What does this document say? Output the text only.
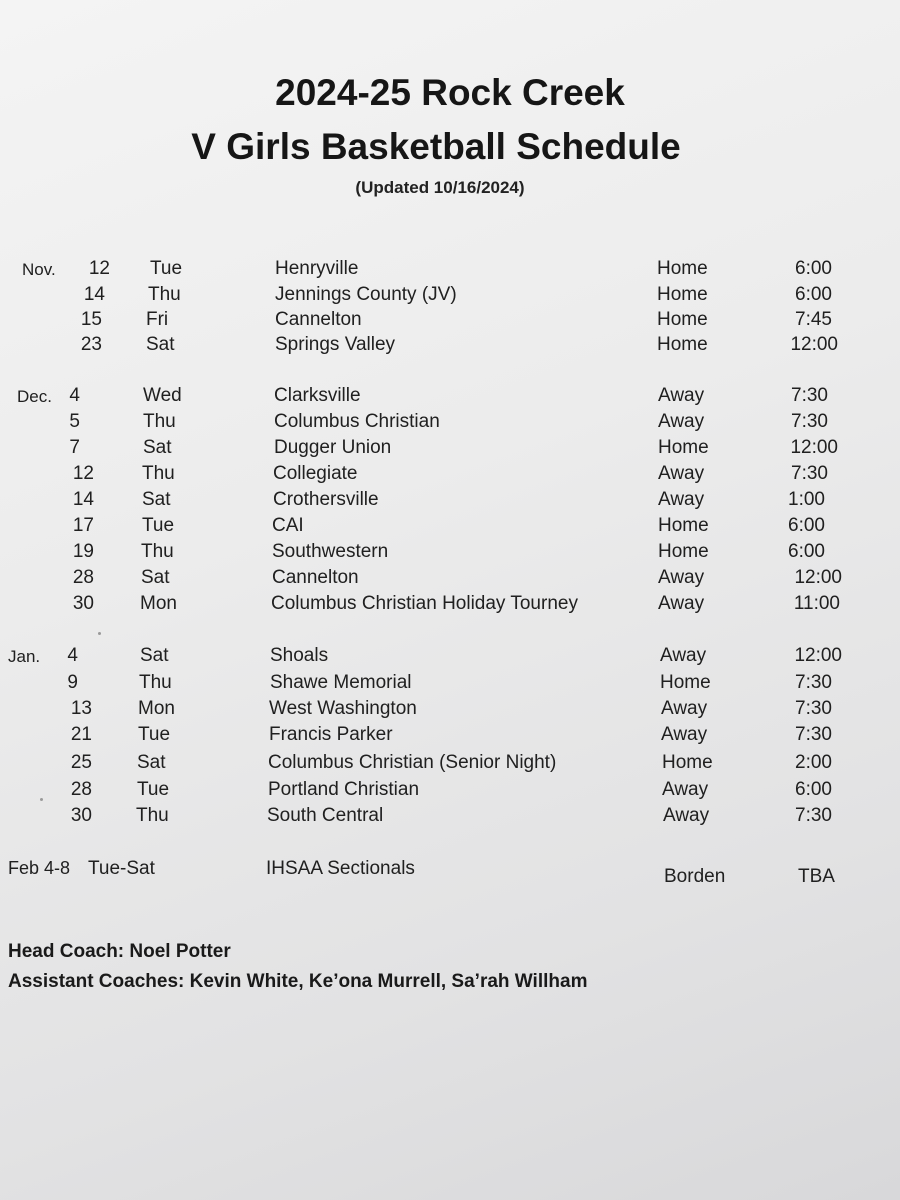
2024-25 Rock Creek
V Girls Basketball Schedule
(Updated 10/16/2024)
Nov.	12 Tue	Henryville	Home	6:00
14 Thu	Jennings County (JV)	Home	6:00
15 Fri	Cannelton	Home	7:45
23 Sat	Springs Valley	Home	12:00
Dec. 4	Wed	Clarksville	Away	7:30
5	Thu	Columbus Christian	Away	7:30
7	Sat	Dugger Union	Home	12:00
12	Thu	Collegiate	Away	7:30
14	Sat	Crothersville	Away	1:00
17	Tue	CAI	Home	6:00
19 Thu	Southwestern	Home	6:00
28 Sat	Cannelton	Away	12:00
30 Mon	Columbus Christian Holiday Tourney	Away	11:00
Jan.	4	Sat	Shoals	Away	12:00
9	Thu	Shawe Memorial	Home	7:30
13 Mon	West Washington	Away	7:30
21 Tue	Francis Parker	Away	7:30
25 Sat	Columbus Christian (Senior Night)	Home	2:00
28 Tue	Portland Christian	Away	6:00
30 Thu	South Central	Away	7:30
Feb 4-8 Tue-Sat	IHSAA Sectionals	Borden	TBA
Head Coach: Noel Potter
Assistant Coaches: Kevin White, Ke’ona Murrell, Sa’rah Willham
